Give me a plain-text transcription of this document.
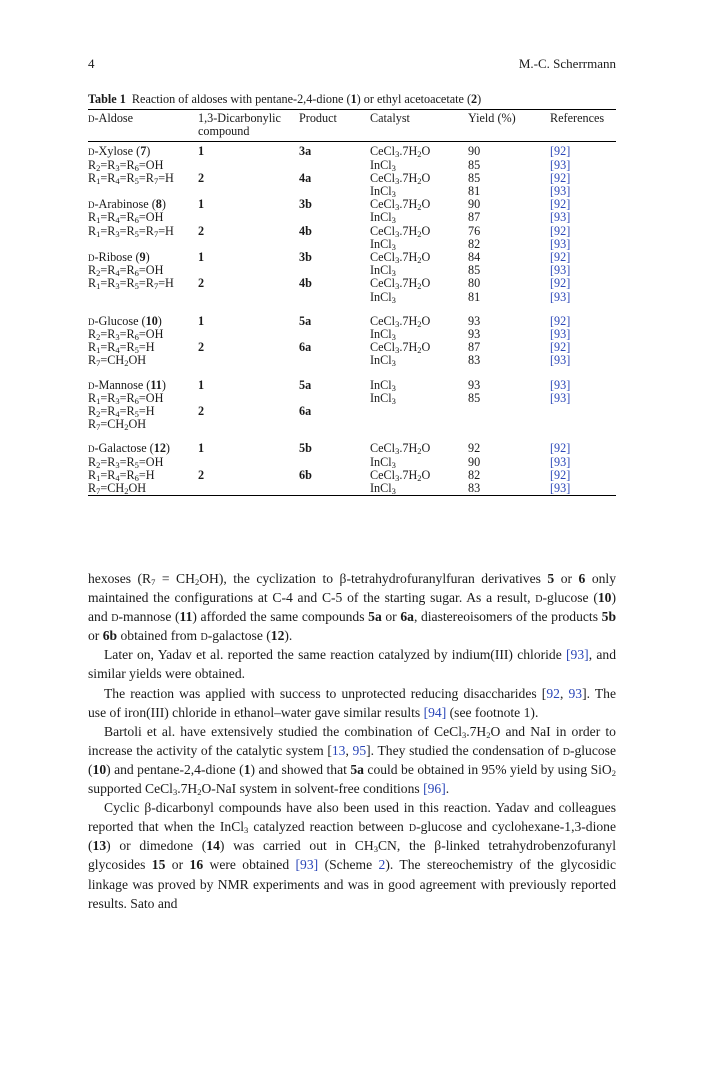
4	M.-C. Scherrmann
Table 1 Reaction of aldoses with pentane-2,4-dione (1) or ethyl acetoacetate (2)
d-Aldose	1,3-Dicarbonylic compound	Product	Catalyst	Yield (%)	References
d-Xylose (7)	1	3a	$CeCl_3.7H_2O$	90	[92]
$R_2=R_3=R_6=OH$			InCl$_3$	85	[93]
$R_1=R_4=R_5=R_7=H$	2	4a	$CeCl_3.7H_2O$	85	[92]
			InCl$_3$	81	[93]
d-Arabinose (8)	1	3b	$CeCl_3.7H_2O$	90	[92]
$R_1=R_4=R_6=OH$			InCl$_3$	87	[93]
$R_1=R_3=R_5=R_7=H$	2	4b	$CeCl_3.7H_2O$	76	[92]
			InCl$_3$	82	[93]
d-Ribose (9)	1	3b	$CeCl_3.7H_2O$	84	[92]
$R_2=R_4=R_6=OH$			InCl$_3$	85	[93]
$R_1=R_3=R_5=R_7=H$	2	4b	$CeCl_3.7H_2O$	80	[92]
			InCl$_3$	81	[93]

d-Glucose (10)	1	5a	$CeCl_3.7H_2O$	93	[92]
$R_2=R_3=R_6=OH$			InCl$_3$	93	[93]
$R_1=R_4=R_5=H$	2	6a	$CeCl_3.7H_2O$	87	[92]
$R_7=CH_2OH$			InCl$_3$	83	[93]

d-Mannose (11)	1	5a	InCl$_3$	93	[93]
$R_1=R_3=R_6=OH$			InCl$_3$	85	[93]
$R_2=R_4=R_5=H$	2	6a			
$R_7=CH_2OH$					

d-Galactose (12)	1	5b	$CeCl_3.7H_2O$	92	[92]
$R_2=R_3=R_5=OH$			InCl$_3$	90	[93]
$R_1=R_4=R_6=H$	2	6b	$CeCl_3.7H_2O$	82	[92]
$R_7=CH_2OH$			InCl$_3$	83	[93]

hexoses $(R_7 = CH_2OH)$, the cyclization to β-tetrahydrofuranylfuran derivatives 5 or 6 only maintained the configurations at C-4 and C-5 of the starting sugar. As a result, d-glucose (10) and d-mannose (11) afforded the same compounds 5a or 6a, diastereoisomers of the products 5b or 6b obtained from d-galactose (12).

Later on, Yadav et al. reported the same reaction catalyzed by indium(III) chloride [93], and similar yields were obtained.

The reaction was applied with success to unprotected reducing disaccharides [92, 93]. The use of iron(III) chloride in ethanol–water gave similar results [94] (see footnote 1).

Bartoli et al. have extensively studied the combination of $CeCl_3.7H_2O$ and NaI in order to increase the activity of the catalytic system [13, 95]. They studied the condensation of d-glucose (10) and pentane-2,4-dione (1) and showed that 5a could be obtained in 95% yield by using SiO$_2$ supported $CeCl_3.7H_2O$-NaI system in solvent-free conditions [96].

Cyclic β-dicarbonyl compounds have also been used in this reaction. Yadav and colleagues reported that when the InCl$_3$ catalyzed reaction between d-glucose and cyclohexane-1,3-dione (13) or dimedone (14) was carried out in $CH_3CN$, the β-linked tetrahydrobenzofuranyl glycosides 15 or 16 were obtained [93] (Scheme 2). The stereochemistry of the glycosidic linkage was proved by NMR experiments and was in good agreement with previously reported results. Sato and
